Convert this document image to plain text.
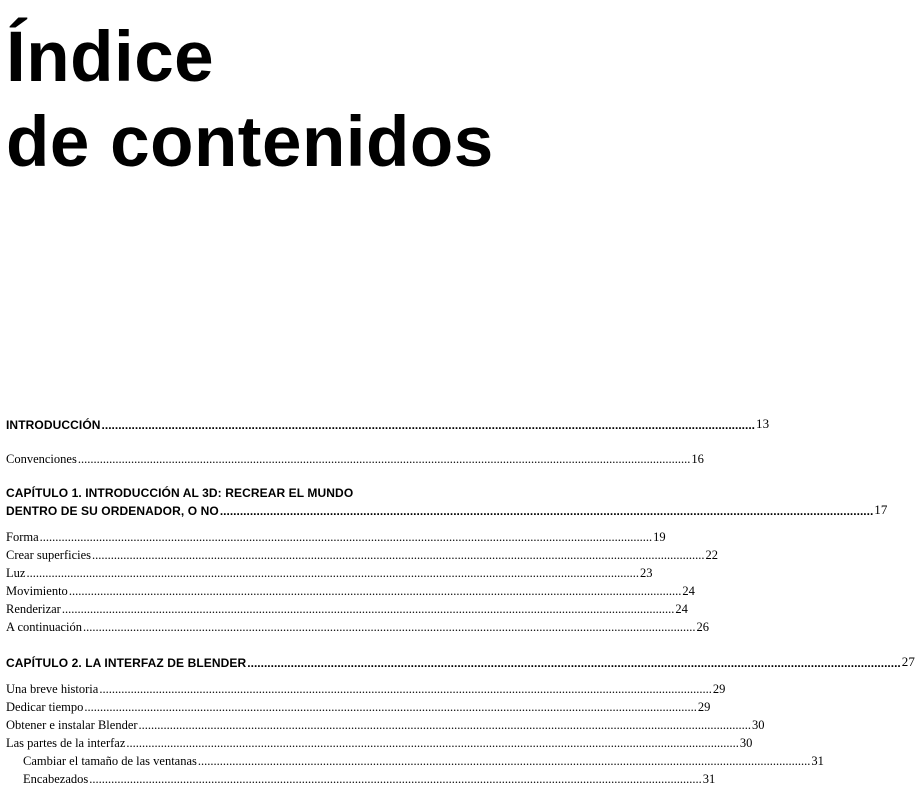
Índice
de contenidos
INTRODUCCIÓN .................................................................................................................................................................................................... 13
Convenciones .................................................................................................................................................................................................... 16
CAPÍTULO 1. INTRODUCCIÓN AL 3D: RECREAR EL MUNDO
DENTRO DE SU ORDENADOR, O NO .................................................................................................................................................................................................... 17
Forma .................................................................................................................................................................................................... 19
Crear superficies .................................................................................................................................................................................................... 22
Luz .................................................................................................................................................................................................... 23
Movimiento .................................................................................................................................................................................................... 24
Renderizar .................................................................................................................................................................................................... 24
A continuación .................................................................................................................................................................................................... 26
CAPÍTULO 2. LA INTERFAZ DE BLENDER .................................................................................................................................................................................................... 27
Una breve historia .................................................................................................................................................................................................... 29
Dedicar tiempo .................................................................................................................................................................................................... 29
Obtener e instalar Blender .................................................................................................................................................................................................... 30
Las partes de la interfaz .................................................................................................................................................................................................... 30
Cambiar el tamaño de las ventanas .................................................................................................................................................................................................... 31
Encabezados .................................................................................................................................................................................................... 31
